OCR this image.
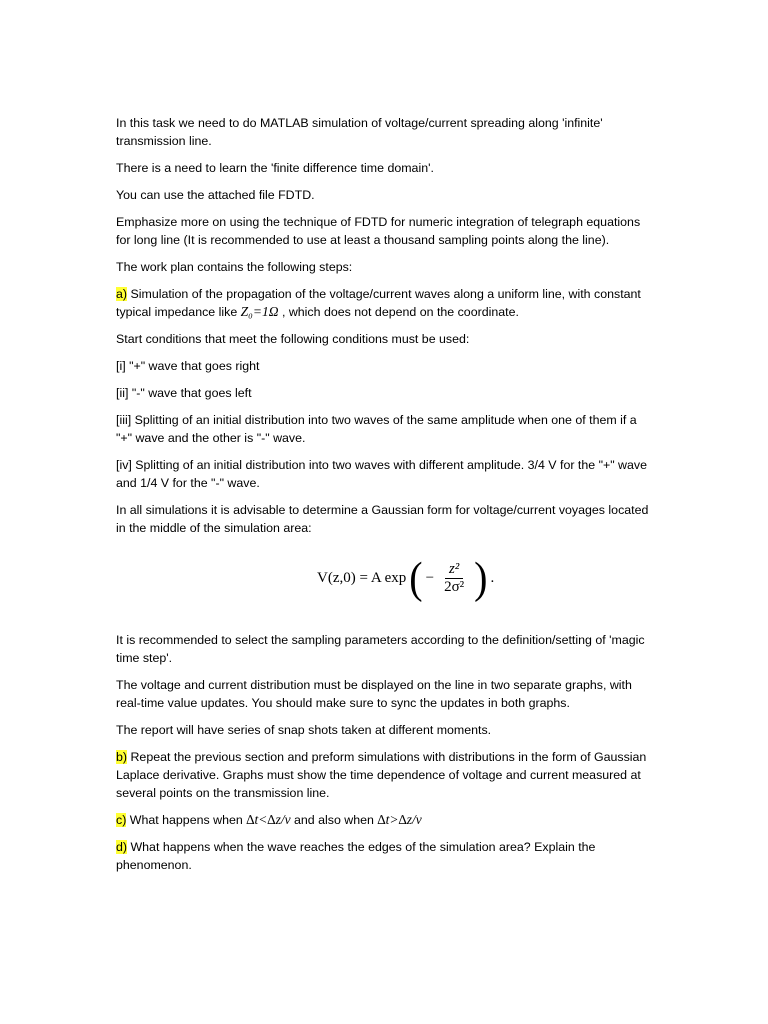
In this task we need to do MATLAB simulation of voltage/current spreading along 'infinite' transmission line.

There is a need to learn the 'finite difference time domain'.

You can use the attached file FDTD.

Emphasize more on using the technique of FDTD for numeric integration of telegraph equations for long line (It is recommended to use at least a thousand sampling points along the line).

The work plan contains the following steps:

a) Simulation of the propagation of the voltage/current waves along a uniform line, with constant typical impedance like Z₀=1Ω , which does not depend on the coordinate.

Start conditions that meet the following conditions must be used:

[i] "+" wave that goes right

[ii] "-" wave that goes left

[iii] Splitting of an initial distribution into two waves of the same amplitude when one of them if a "+" wave and the other is "-" wave.

[iv] Splitting of an initial distribution into two waves with different amplitude. 3/4 V for the "+" wave and 1/4 V for the "-" wave.

In all simulations it is advisable to determine a Gaussian form for voltage/current voyages located in the middle of the simulation area:

V(z,0) = A exp ( − $\frac{\text{z²}}{\text{2σ²}}$ ) .

It is recommended to select the sampling parameters according to the definition/setting of 'magic time step'.

The voltage and current distribution must be displayed on the line in two separate graphs, with real-time value updates. You should make sure to sync the updates in both graphs.

The report will have series of snap shots taken at different moments.

b) Repeat the previous section and preform simulations with distributions in the form of Gaussian Laplace derivative. Graphs must show the time dependence of voltage and current measured at several points on the transmission line.

c) What happens when ∆t<∆z/v and also when ∆t>∆z/v

d) What happens when the wave reaches the edges of the simulation area? Explain the phenomenon.
